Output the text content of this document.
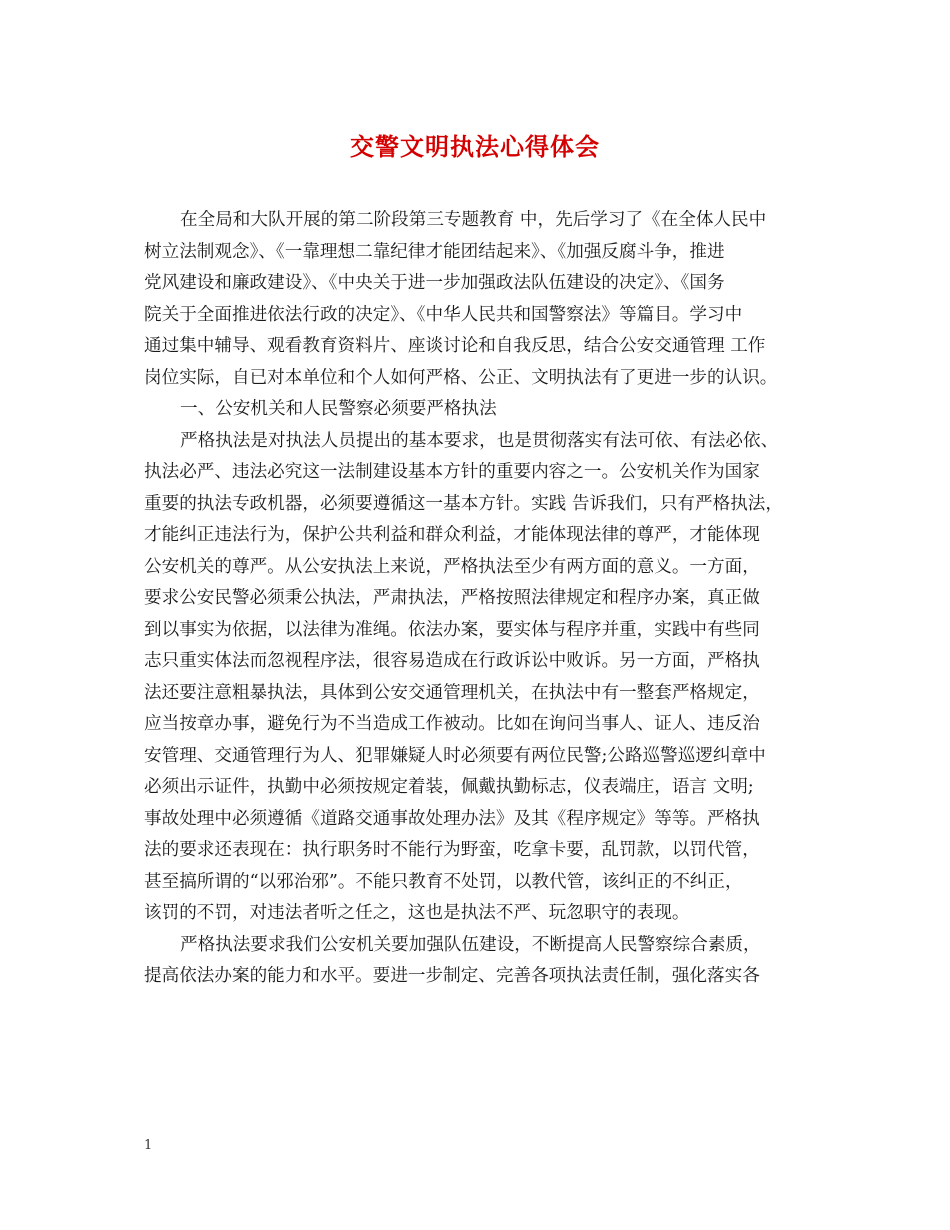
交警文明执法心得体会
在全局和大队开展的第二阶段第三专题教育 中，先后学习了《在全体人民中
树立法制观念》、《一靠理想二靠纪律才能团结起来》、《加强反腐斗争，推进
党风建设和廉政建设》、《中央关于进一步加强政法队伍建设的决定》、《国务
院关于全面推进依法行政的决定》、《中华人民共和国警察法》等篇目。学习中
通过集中辅导、观看教育资料片、座谈讨论和自我反思，结合公安交通管理 工作
岗位实际，自已对本单位和个人如何严格、公正、文明执法有了更进一步的认识。
一、公安机关和人民警察必须要严格执法
严格执法是对执法人员提出的基本要求，也是贯彻落实有法可依、有法必依、
执法必严、违法必究这一法制建设基本方针的重要内容之一。公安机关作为国家
重要的执法专政机器，必须要遵循这一基本方针。实践 告诉我们，只有严格执法，
才能纠正违法行为，保护公共利益和群众利益，才能体现法律的尊严，才能体现
公安机关的尊严。从公安执法上来说，严格执法至少有两方面的意义。一方面，
要求公安民警必须秉公执法，严肃执法，严格按照法律规定和程序办案，真正做
到以事实为依据，以法律为准绳。依法办案，要实体与程序并重，实践中有些同
志只重实体法而忽视程序法，很容易造成在行政诉讼中败诉。另一方面，严格执
法还要注意粗暴执法，具体到公安交通管理机关，在执法中有一整套严格规定，
应当按章办事，避免行为不当造成工作被动。比如在询问当事人、证人、违反治
安管理、交通管理行为人、犯罪嫌疑人时必须要有两位民警;公路巡警巡逻纠章中
必须出示证件，执勤中必须按规定着装，佩戴执勤标志，仪表端庄，语言 文明;
事故处理中必须遵循《道路交通事故处理办法》及其《程序规定》等等。严格执
法的要求还表现在：执行职务时不能行为野蛮，吃拿卡要，乱罚款，以罚代管，
甚至搞所谓的“以邪治邪”。不能只教育不处罚，以教代管，该纠正的不纠正，
该罚的不罚，对违法者听之任之，这也是执法不严、玩忽职守的表现。
严格执法要求我们公安机关要加强队伍建设，不断提高人民警察综合素质，
提高依法办案的能力和水平。要进一步制定、完善各项执法责任制，强化落实各
1
